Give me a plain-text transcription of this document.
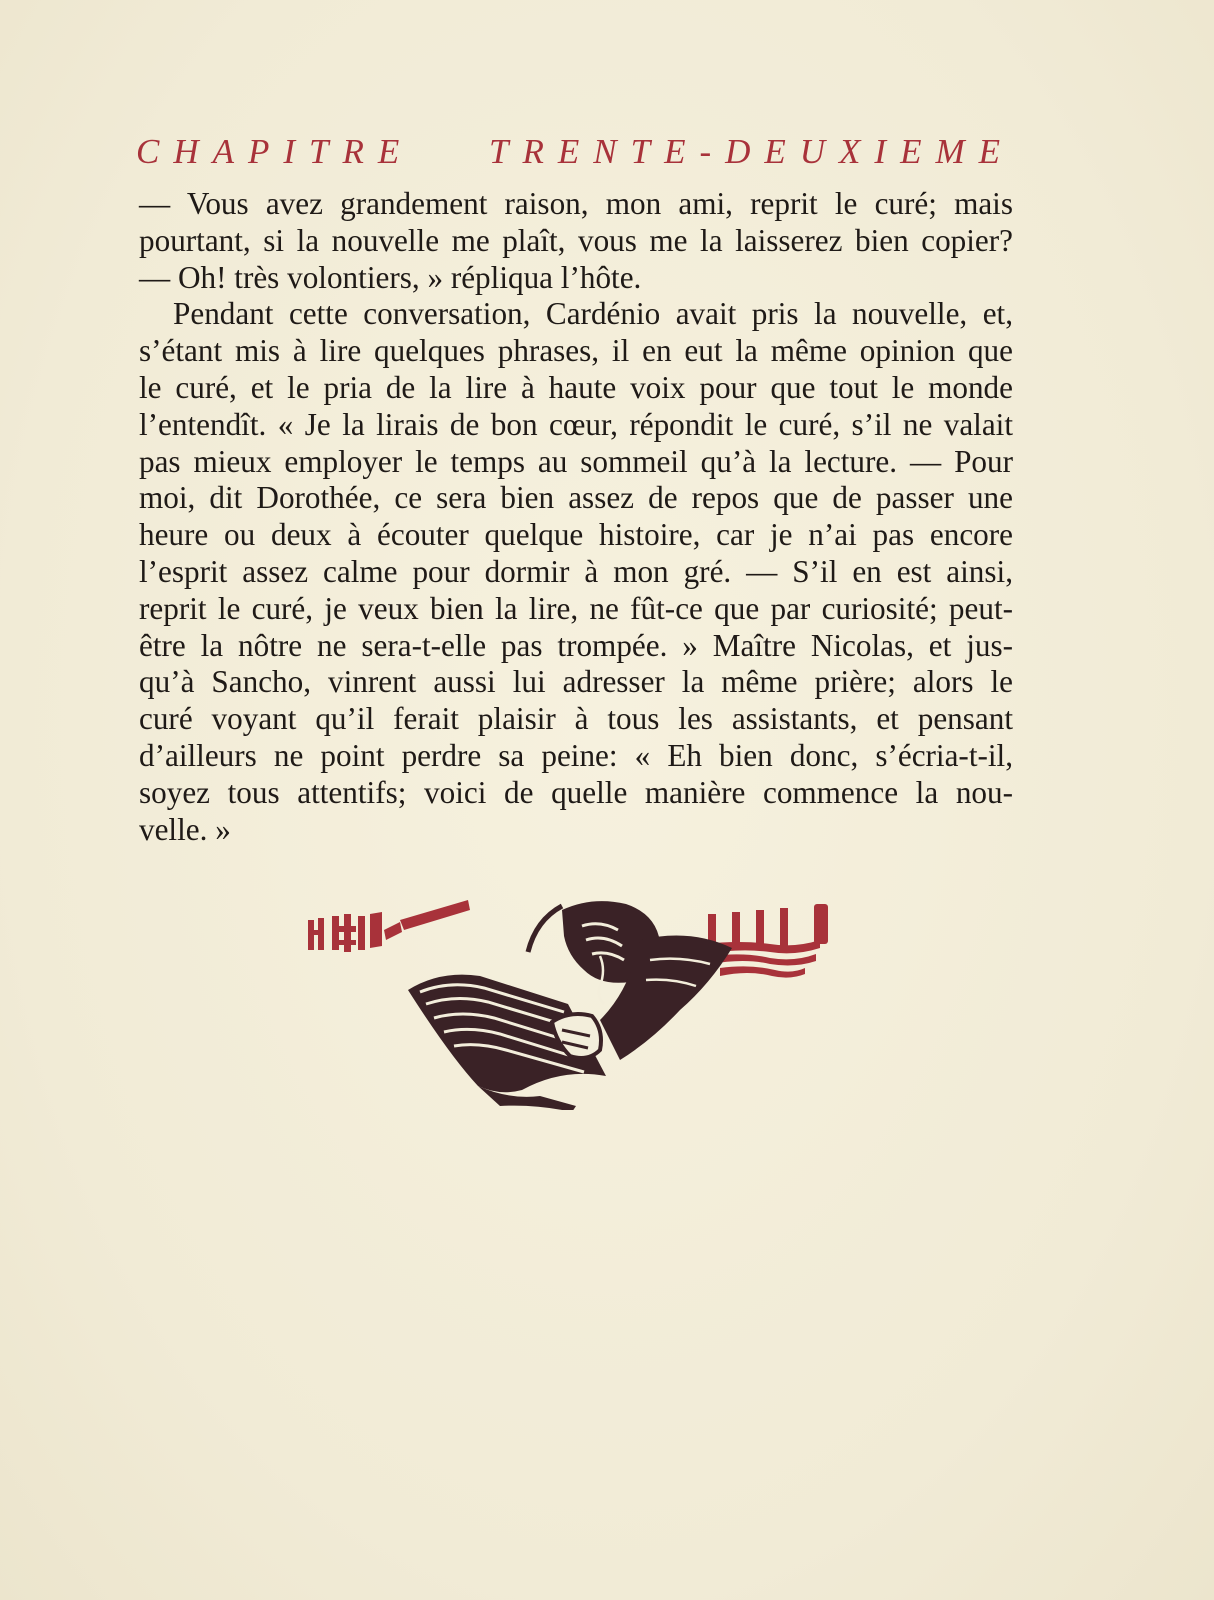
CHAPITRE TRENTE-DEUXIEME

— Vous avez grandement raison, mon ami, reprit le curé; mais

pourtant, si la nouvelle me plaît, vous me la laisserez bien copier?

— Oh! très volontiers, » répliqua l’hôte.

Pendant cette conversation, Cardénio avait pris la nouvelle, et,

s’étant mis à lire quelques phrases, il en eut la même opinion que

le curé, et le pria de la lire à haute voix pour que tout le monde

l’entendît. « Je la lirais de bon cœur, répondit le curé, s’il ne valait

pas mieux employer le temps au sommeil qu’à la lecture. — Pour

moi, dit Dorothée, ce sera bien assez de repos que de passer une

heure ou deux à écouter quelque histoire, car je n’ai pas encore

l’esprit assez calme pour dormir à mon gré. — S’il en est ainsi,

reprit le curé, je veux bien la lire, ne fût-ce que par curiosité; peut-

être la nôtre ne sera-t-elle pas trompée. » Maître Nicolas, et jus-

qu’à Sancho, vinrent aussi lui adresser la même prière; alors le

curé voyant qu’il ferait plaisir à tous les assistants, et pensant

d’ailleurs ne point perdre sa peine: « Eh bien donc, s’écria-t-il,

soyez tous attentifs; voici de quelle manière commence la nou-

velle. »
